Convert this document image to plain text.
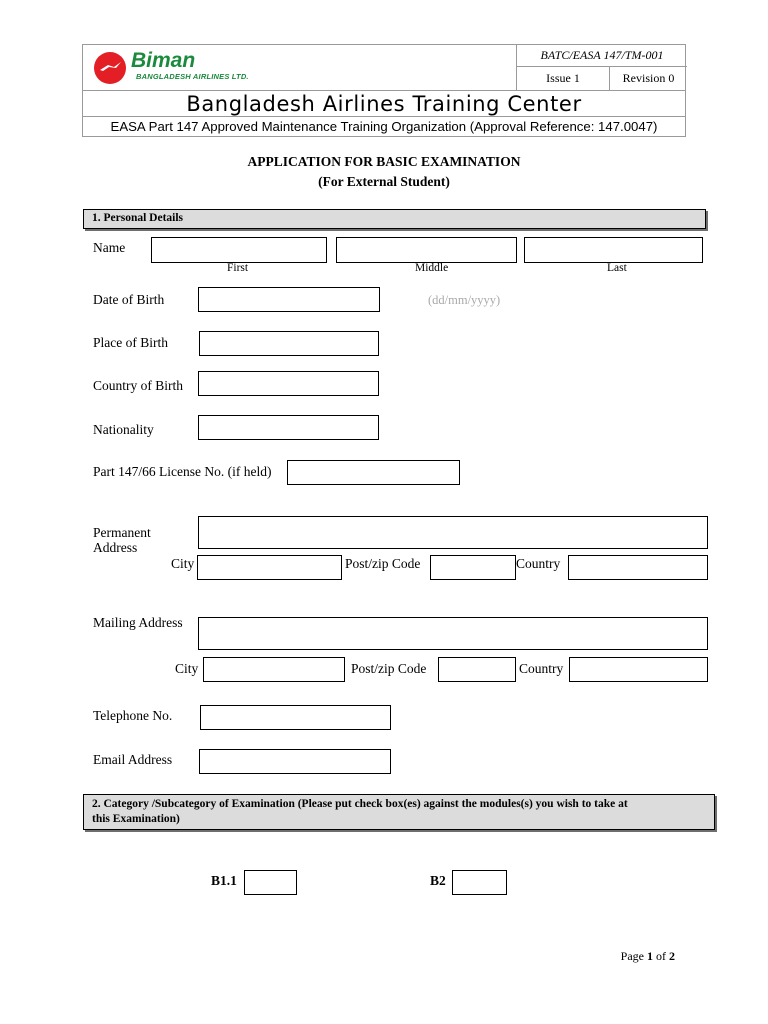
Biman
BANGLADESH AIRLINES LTD.
BATC/EASA 147/TM-001
Issue 1	Revision 0
Bangladesh Airlines Training Center
EASA Part 147 Approved Maintenance Training Organization (Approval Reference: 147.0047)
APPLICATION FOR BASIC EXAMINATION
(For External Student)
1. Personal Details
Name
First	Middle	Last
Date of Birth	(dd/mm/yyyy)
Place of Birth
Country of Birth
Nationality
Part 147/66 License No. (if held)
Permanent
Address
City	Post/zip Code	Country
Mailing Address
City	Post/zip Code	Country
Telephone No.
Email Address
2. Category /Subcategory of Examination (Please put check box(es) against the modules(s) you wish to take at
this Examination)
B1.1	B2
Page 1 of 2
